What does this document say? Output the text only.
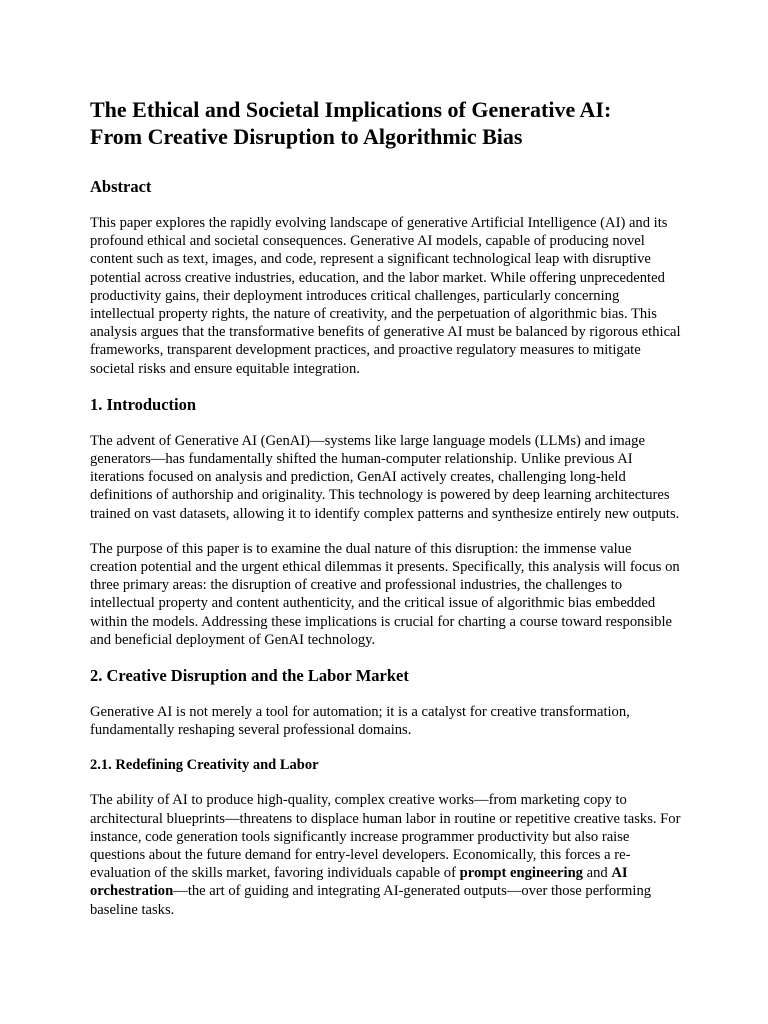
The Ethical and Societal Implications of Generative AI:
From Creative Disruption to Algorithmic Bias
Abstract

This paper explores the rapidly evolving landscape of generative Artificial Intelligence (AI) and its profound ethical and societal consequences. Generative AI models, capable of producing novel content such as text, images, and code, represent a significant technological leap with disruptive potential across creative industries, education, and the labor market. While offering unprecedented productivity gains, their deployment introduces critical challenges, particularly concerning intellectual property rights, the nature of creativity, and the perpetuation of algorithmic bias. This analysis argues that the transformative benefits of generative AI must be balanced by rigorous ethical frameworks, transparent development practices, and proactive regulatory measures to mitigate societal risks and ensure equitable integration.

1. Introduction

The advent of Generative AI (GenAI)—systems like large language models (LLMs) and image generators—has fundamentally shifted the human-computer relationship. Unlike previous AI iterations focused on analysis and prediction, GenAI actively creates, challenging long-held definitions of authorship and originality. This technology is powered by deep learning architectures trained on vast datasets, allowing it to identify complex patterns and synthesize entirely new outputs.

The purpose of this paper is to examine the dual nature of this disruption: the immense value creation potential and the urgent ethical dilemmas it presents. Specifically, this analysis will focus on three primary areas: the disruption of creative and professional industries, the challenges to intellectual property and content authenticity, and the critical issue of algorithmic bias embedded within the models. Addressing these implications is crucial for charting a course toward responsible and beneficial deployment of GenAI technology.

2. Creative Disruption and the Labor Market

Generative AI is not merely a tool for automation; it is a catalyst for creative transformation, fundamentally reshaping several professional domains.

2.1. Redefining Creativity and Labor

The ability of AI to produce high-quality, complex creative works—from marketing copy to architectural blueprints—threatens to displace human labor in routine or repetitive creative tasks. For instance, code generation tools significantly increase programmer productivity but also raise questions about the future demand for entry-level developers. Economically, this forces a re-evaluation of the skills market, favoring individuals capable of prompt engineering and AI orchestration—the art of guiding and integrating AI-generated outputs—over those performing baseline tasks.
